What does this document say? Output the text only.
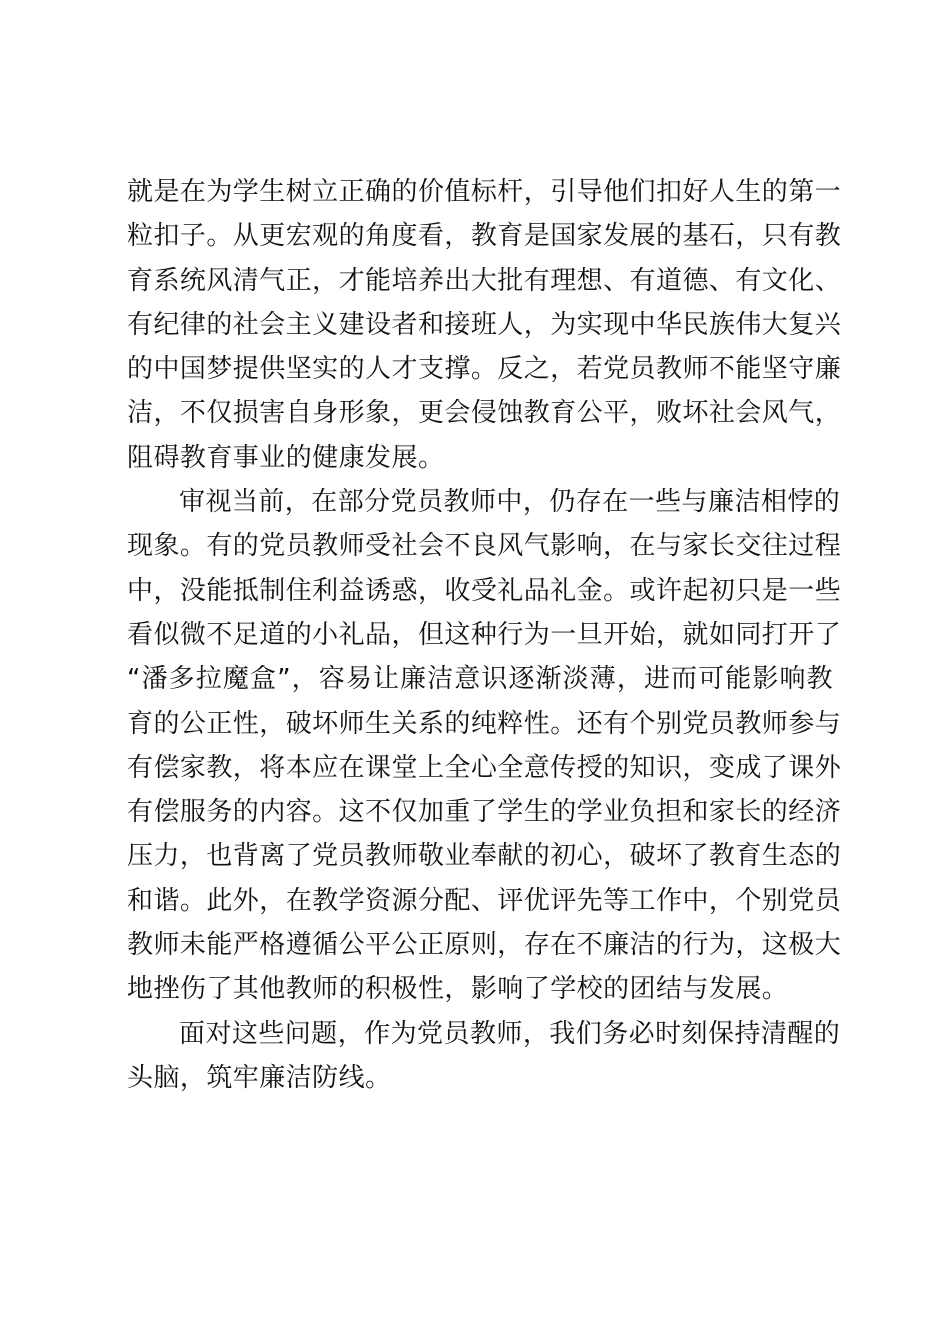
就是在为学生树立正确的价值标杆，引导他们扣好人生的第一
粒扣子。从更宏观的角度看，教育是国家发展的基石，只有教
育系统风清气正，才能培养出大批有理想、有道德、有文化、
有纪律的社会主义建设者和接班人，为实现中华民族伟大复兴
的中国梦提供坚实的人才支撑。反之，若党员教师不能坚守廉
洁，不仅损害自身形象，更会侵蚀教育公平，败坏社会风气，
阻碍教育事业的健康发展。
审视当前，在部分党员教师中，仍存在一些与廉洁相悖的
现象。有的党员教师受社会不良风气影响，在与家长交往过程
中，没能抵制住利益诱惑，收受礼品礼金。或许起初只是一些
看似微不足道的小礼品，但这种行为一旦开始，就如同打开了
“潘多拉魔盒”，容易让廉洁意识逐渐淡薄，进而可能影响教
育的公正性，破坏师生关系的纯粹性。还有个别党员教师参与
有偿家教，将本应在课堂上全心全意传授的知识，变成了课外
有偿服务的内容。这不仅加重了学生的学业负担和家长的经济
压力，也背离了党员教师敬业奉献的初心，破坏了教育生态的
和谐。此外，在教学资源分配、评优评先等工作中，个别党员
教师未能严格遵循公平公正原则，存在不廉洁的行为，这极大
地挫伤了其他教师的积极性，影响了学校的团结与发展。
面对这些问题，作为党员教师，我们务必时刻保持清醒的
头脑，筑牢廉洁防线。
